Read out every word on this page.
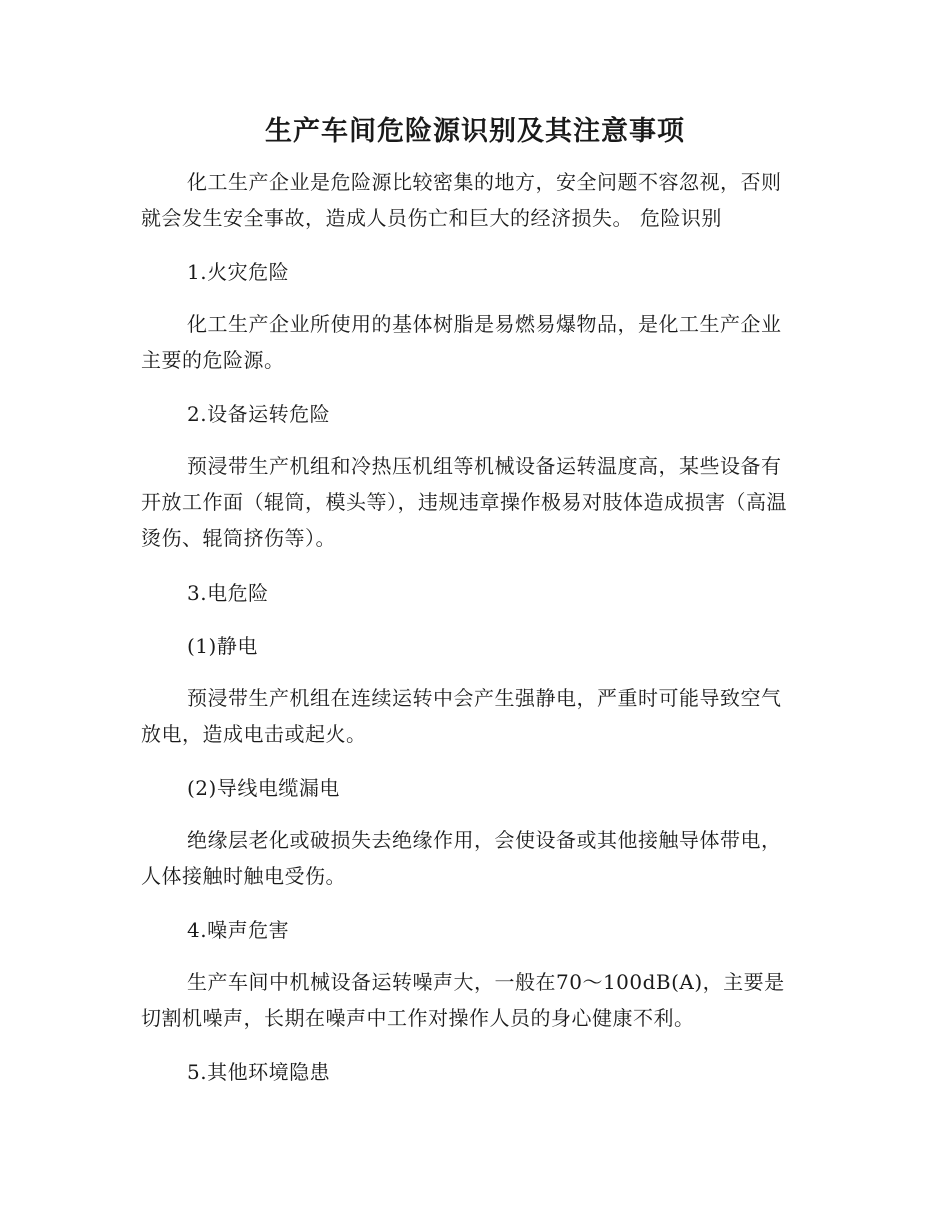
生产车间危险源识别及其注意事项
化工生产企业是危险源比较密集的地方，安全问题不容忽视，否则就会发生安全事故，造成人员伤亡和巨大的经济损失。 危险识别
1.火灾危险
化工生产企业所使用的基体树脂是易燃易爆物品，是化工生产企业主要的危险源。
2.设备运转危险
预浸带生产机组和冷热压机组等机械设备运转温度高，某些设备有开放工作面（辊筒，模头等），违规违章操作极易对肢体造成损害（高温烫伤、辊筒挤伤等）。
3.电危险
(1)静电
预浸带生产机组在连续运转中会产生强静电，严重时可能导致空气放电，造成电击或起火。
(2)导线电缆漏电
绝缘层老化或破损失去绝缘作用，会使设备或其他接触导体带电，人体接触时触电受伤。
4.噪声危害
生产车间中机械设备运转噪声大，一般在70～100dB(A)，主要是切割机噪声，长期在噪声中工作对操作人员的身心健康不利。
5.其他环境隐患
